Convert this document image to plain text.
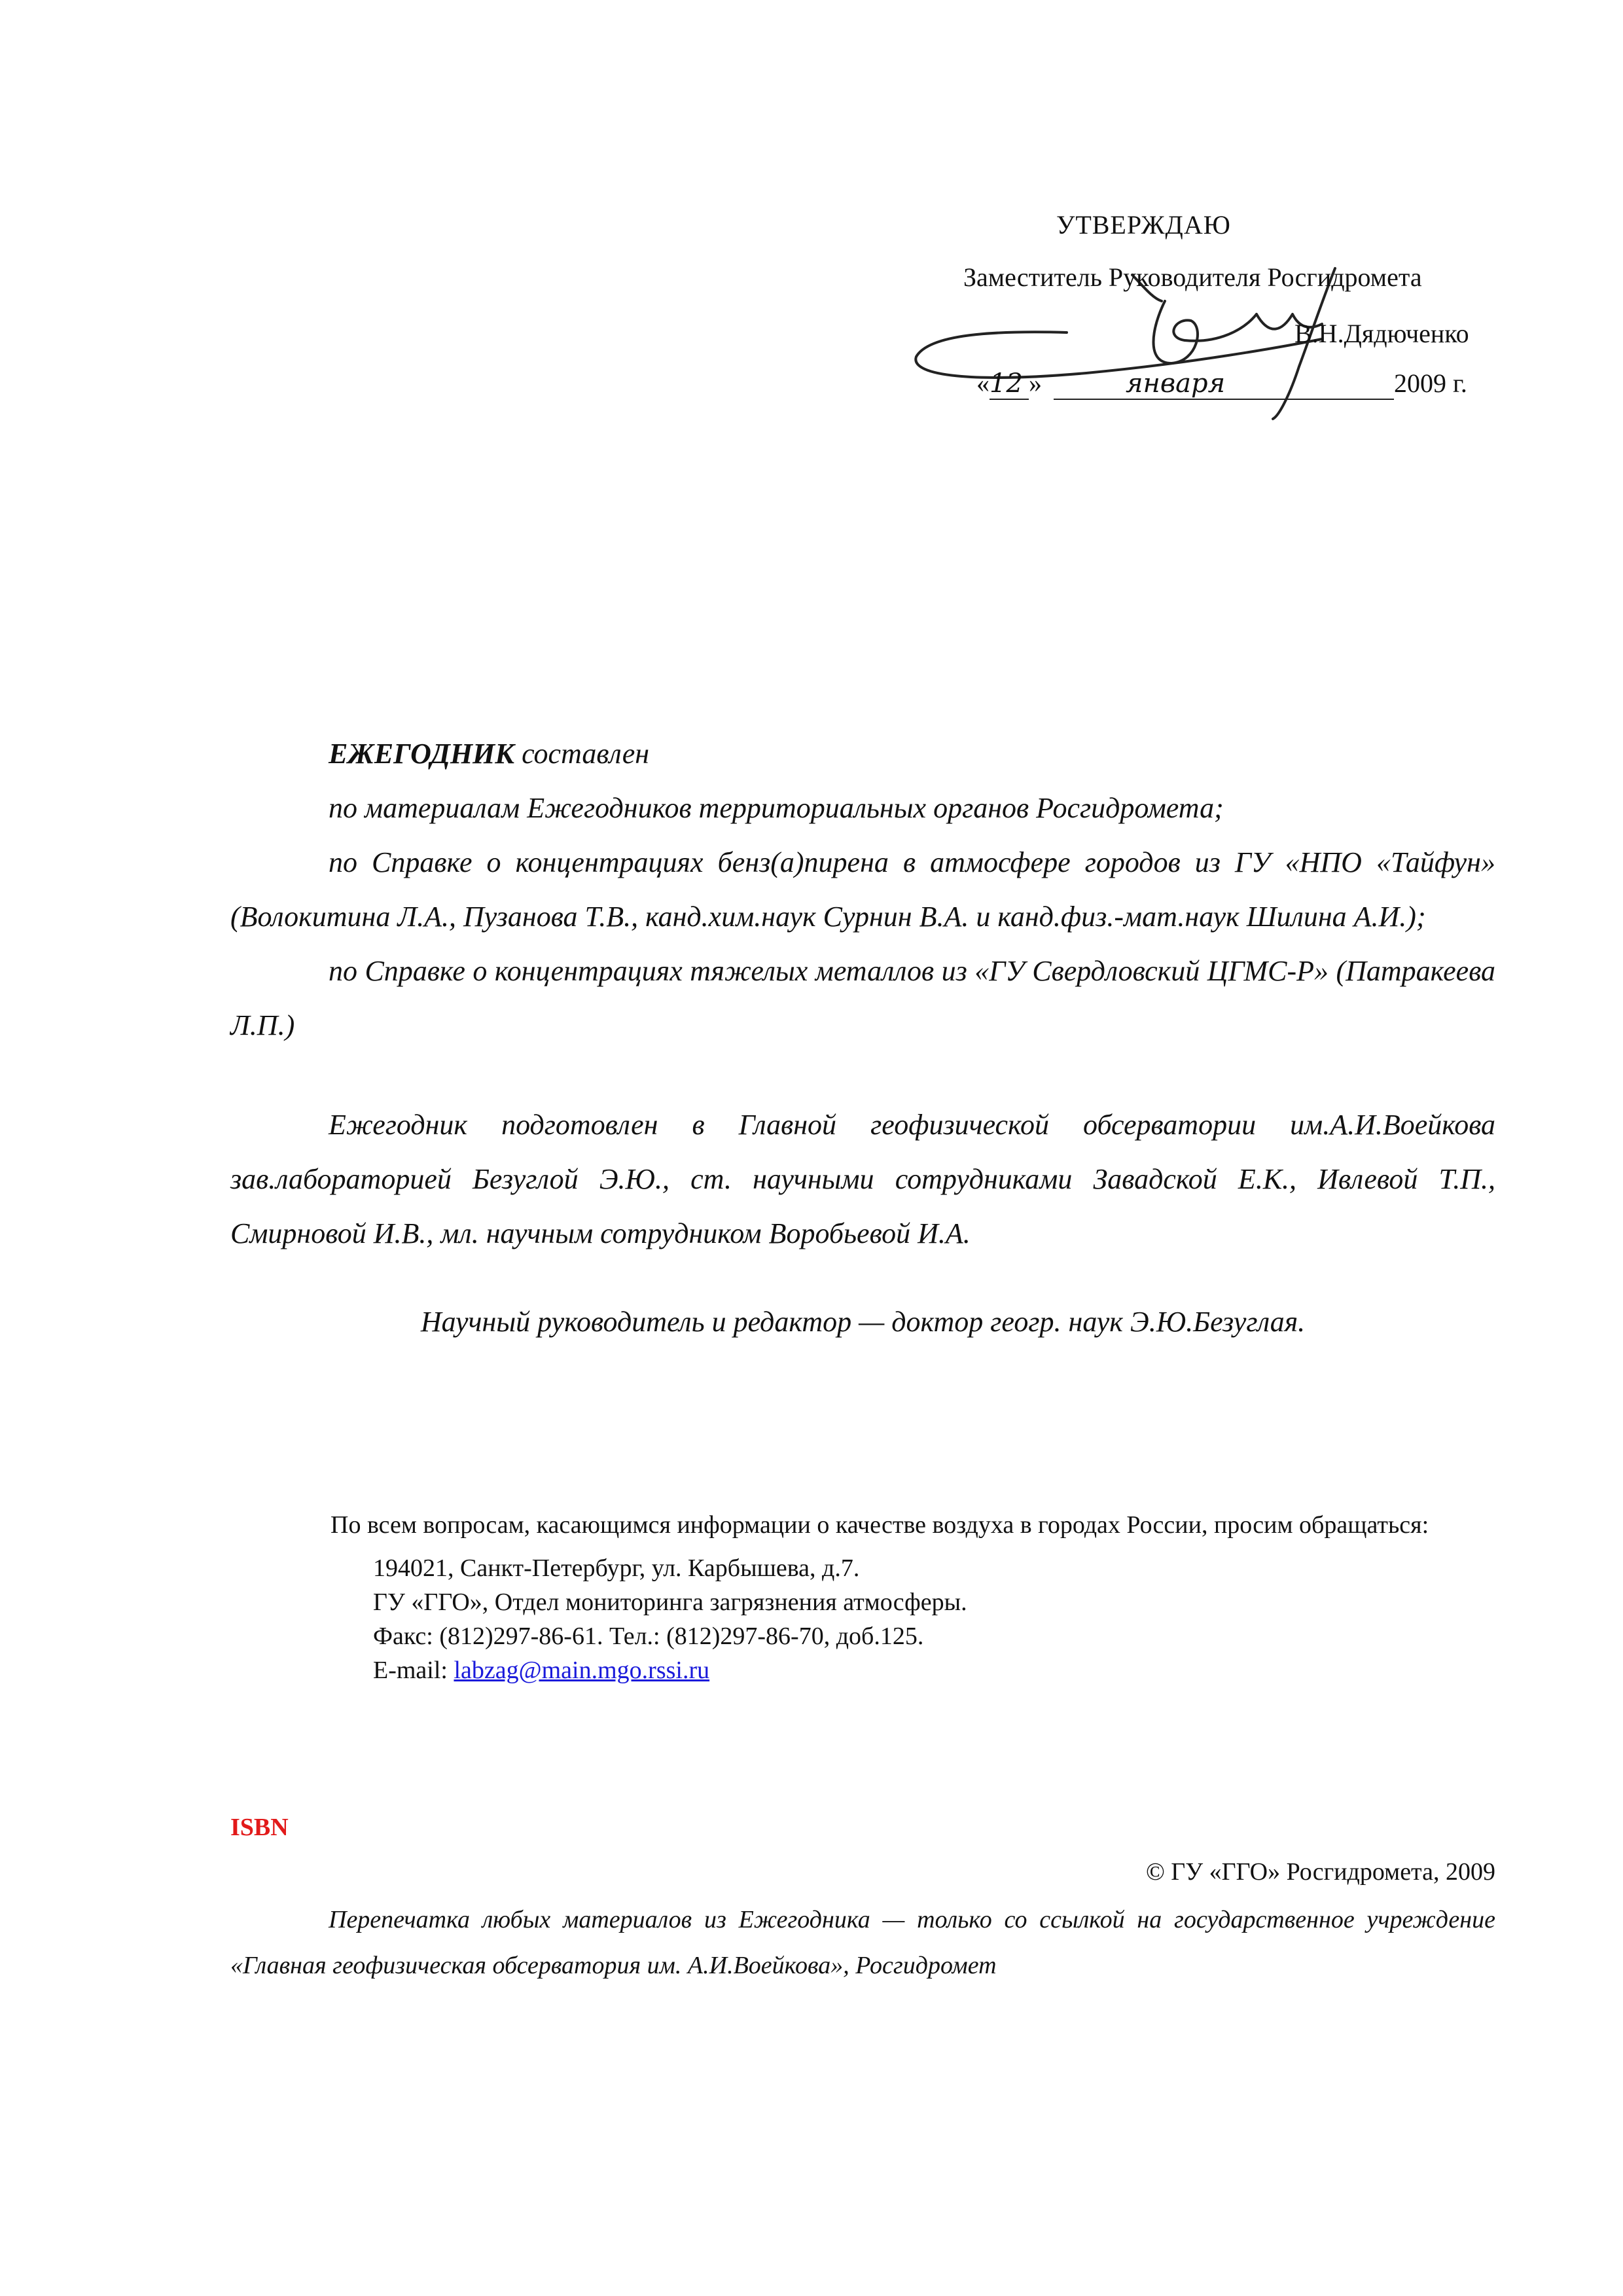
УТВЕРЖДАЮ
Заместитель Руководителя Росгидромета
В.Н.Дядюченко
«12 »	января	2009 г.
ЕЖЕГОДНИК составлен
по материалам Ежегодников территориальных органов Росгидромета;
по Справке о концентрациях бенз(а)пирена в атмосфере городов из ГУ «НПО «Тайфун» (Волокитина Л.А., Пузанова Т.В., канд.хим.наук Сурнин В.А. и канд.физ.-мат.наук Шилина А.И.);
по Справке о концентрациях тяжелых металлов из «ГУ Свердловский ЦГМС-Р» (Патракеева Л.П.)
Ежегодник подготовлен в Главной геофизической обсерватории им.А.И.Воейкова зав.лабораторией Безуглой Э.Ю., ст. научными сотрудниками Завадской Е.К., Ивлевой Т.П., Смирновой И.В., мл. научным сотрудником Воробьевой И.А.
Научный руководитель и редактор — доктор геогр. наук Э.Ю.Безуглая.
По всем вопросам, касающимся информации о качестве воздуха в городах России, просим обращаться:
194021, Санкт-Петербург, ул. Карбышева, д.7.
ГУ «ГГО», Отдел мониторинга загрязнения атмосферы.
Факс: (812)297-86-61. Тел.: (812)297-86-70, доб.125.
E-mail: labzag@main.mgo.rssi.ru
ISBN
© ГУ «ГГО» Росгидромета, 2009
Перепечатка любых материалов из Ежегодника — только со ссылкой на государственное учреждение «Главная геофизическая обсерватория им. А.И.Воейкова», Росгидромет
